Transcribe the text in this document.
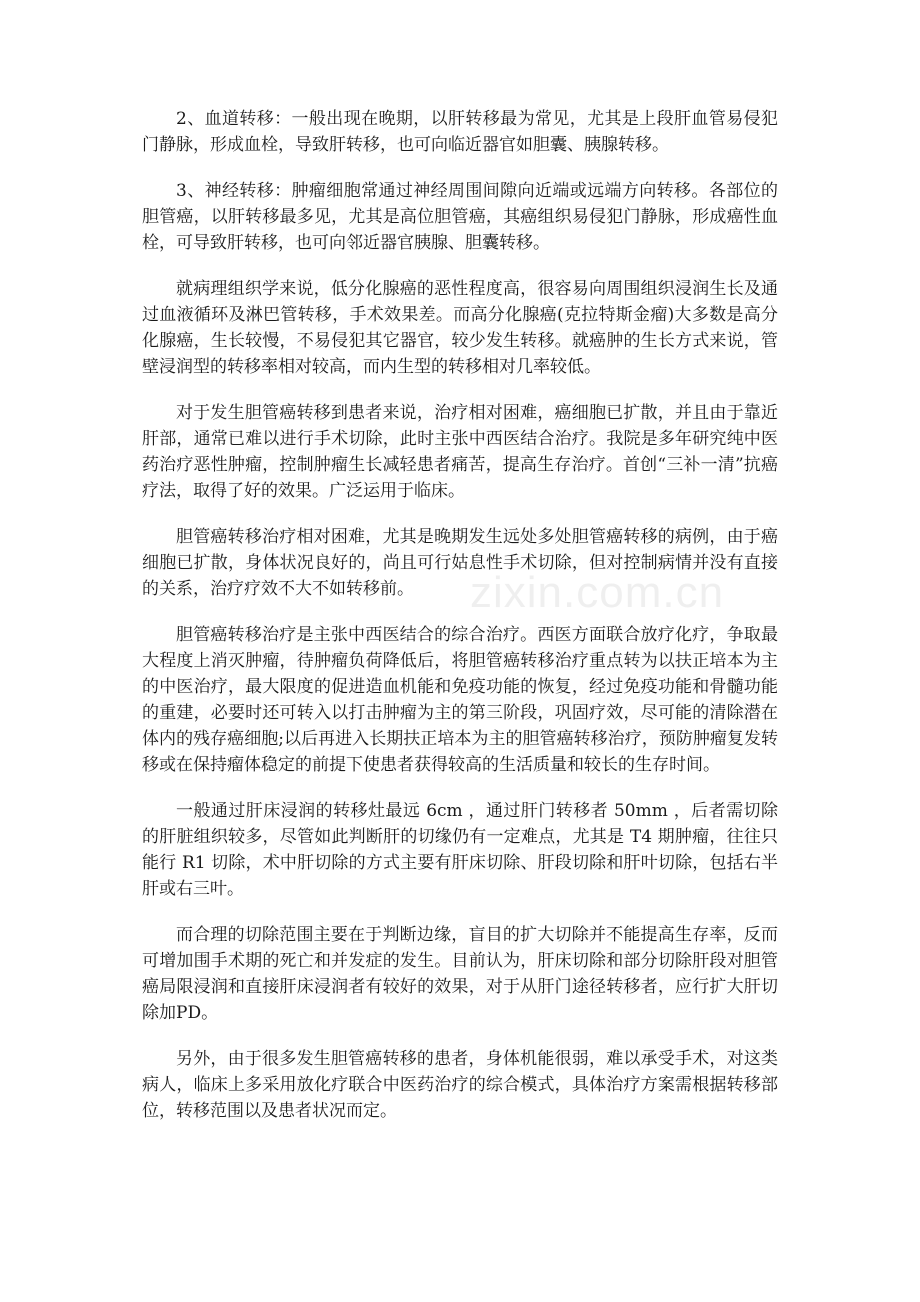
2、血道转移：一般出现在晚期，以肝转移最为常见，尤其是上段肝血管易侵犯门静脉，形成血栓，导致肝转移，也可向临近器官如胆囊、胰腺转移。

3、神经转移：肿瘤细胞常通过神经周围间隙向近端或远端方向转移。各部位的胆管癌，以肝转移最多见，尤其是高位胆管癌，其癌组织易侵犯门静脉，形成癌性血栓，可导致肝转移，也可向邻近器官胰腺、胆囊转移。

就病理组织学来说，低分化腺癌的恶性程度高，很容易向周围组织浸润生长及通过血液循环及淋巴管转移，手术效果差。而高分化腺癌(克拉特斯金瘤)大多数是高分化腺癌，生长较慢，不易侵犯其它器官，较少发生转移。就癌肿的生长方式来说，管壁浸润型的转移率相对较高，而内生型的转移相对几率较低。

对于发生胆管癌转移到患者来说，治疗相对困难，癌细胞已扩散，并且由于靠近肝部，通常已难以进行手术切除，此时主张中西医结合治疗。我院是多年研究纯中医药治疗恶性肿瘤，控制肿瘤生长减轻患者痛苦，提高生存治疗。首创“三补一清”抗癌疗法，取得了好的效果。广泛运用于临床。

胆管癌转移治疗相对困难，尤其是晚期发生远处多处胆管癌转移的病例，由于癌细胞已扩散，身体状况良好的，尚且可行姑息性手术切除，但对控制病情并没有直接的关系，治疗疗效不大不如转移前。

胆管癌转移治疗是主张中西医结合的综合治疗。西医方面联合放疗化疗，争取最大程度上消灭肿瘤，待肿瘤负荷降低后，将胆管癌转移治疗重点转为以扶正培本为主的中医治疗，最大限度的促进造血机能和免疫功能的恢复，经过免疫功能和骨髓功能的重建，必要时还可转入以打击肿瘤为主的第三阶段，巩固疗效，尽可能的清除潜在体内的残存癌细胞;以后再进入长期扶正培本为主的胆管癌转移治疗，预防肿瘤复发转移或在保持瘤体稳定的前提下使患者获得较高的生活质量和较长的生存时间。

一般通过肝床浸润的转移灶最远 6cm ，通过肝门转移者 50mm ，后者需切除的肝脏组织较多，尽管如此判断肝的切缘仍有一定难点，尤其是 T4 期肿瘤，往往只能行 R1 切除，术中肝切除的方式主要有肝床切除、肝段切除和肝叶切除，包括右半肝或右三叶。

而合理的切除范围主要在于判断边缘，盲目的扩大切除并不能提高生存率，反而可增加围手术期的死亡和并发症的发生。目前认为，肝床切除和部分切除肝段对胆管癌局限浸润和直接肝床浸润者有较好的效果，对于从肝门途径转移者，应行扩大肝切除加PD。

另外，由于很多发生胆管癌转移的患者，身体机能很弱，难以承受手术，对这类病人，临床上多采用放化疗联合中医药治疗的综合模式，具体治疗方案需根据转移部位，转移范围以及患者状况而定。

zixin.com.cn
